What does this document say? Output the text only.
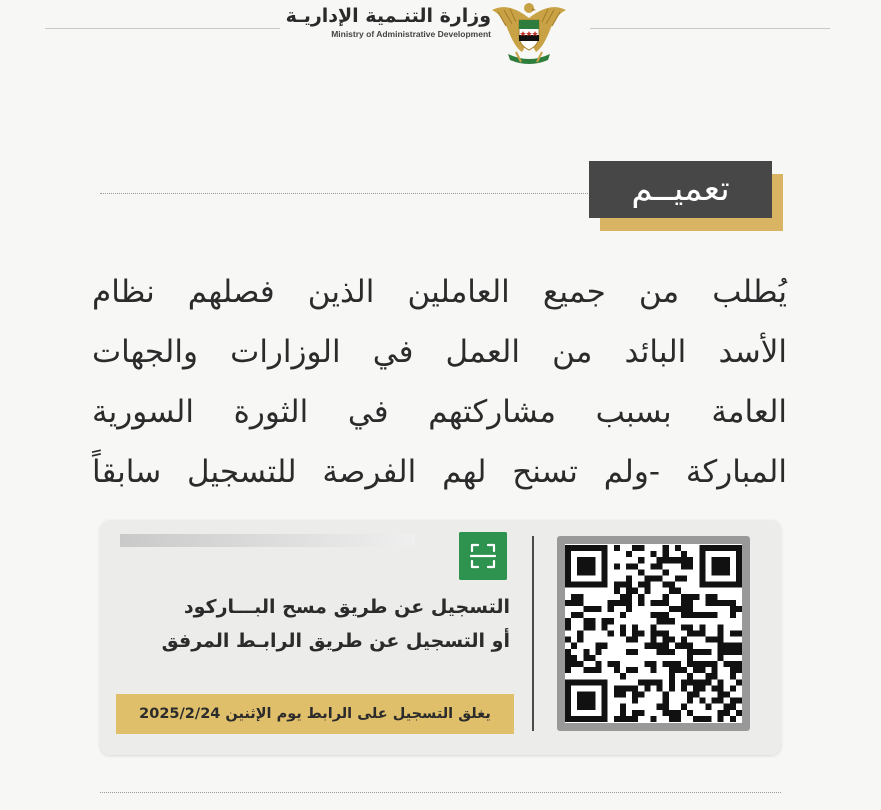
وزارة التنـمية الإداريـة
Ministry of Administrative Development
تعميــم
يُطلب من جميع العاملين الذين فصلهم نظام
الأسد البائد من العمل في الوزارات والجهات
العامة بسبب مشاركتهم في الثورة السورية
المباركة -ولم تسنح لهم الفرصة للتسجيل سابقاً
التسجيل عن طريق مسح البـــاركود
أو التسجيل عن طريق الرابـط المرفق
يغلق التسجيل على الرابط يوم الإثنين 2025/2/24
